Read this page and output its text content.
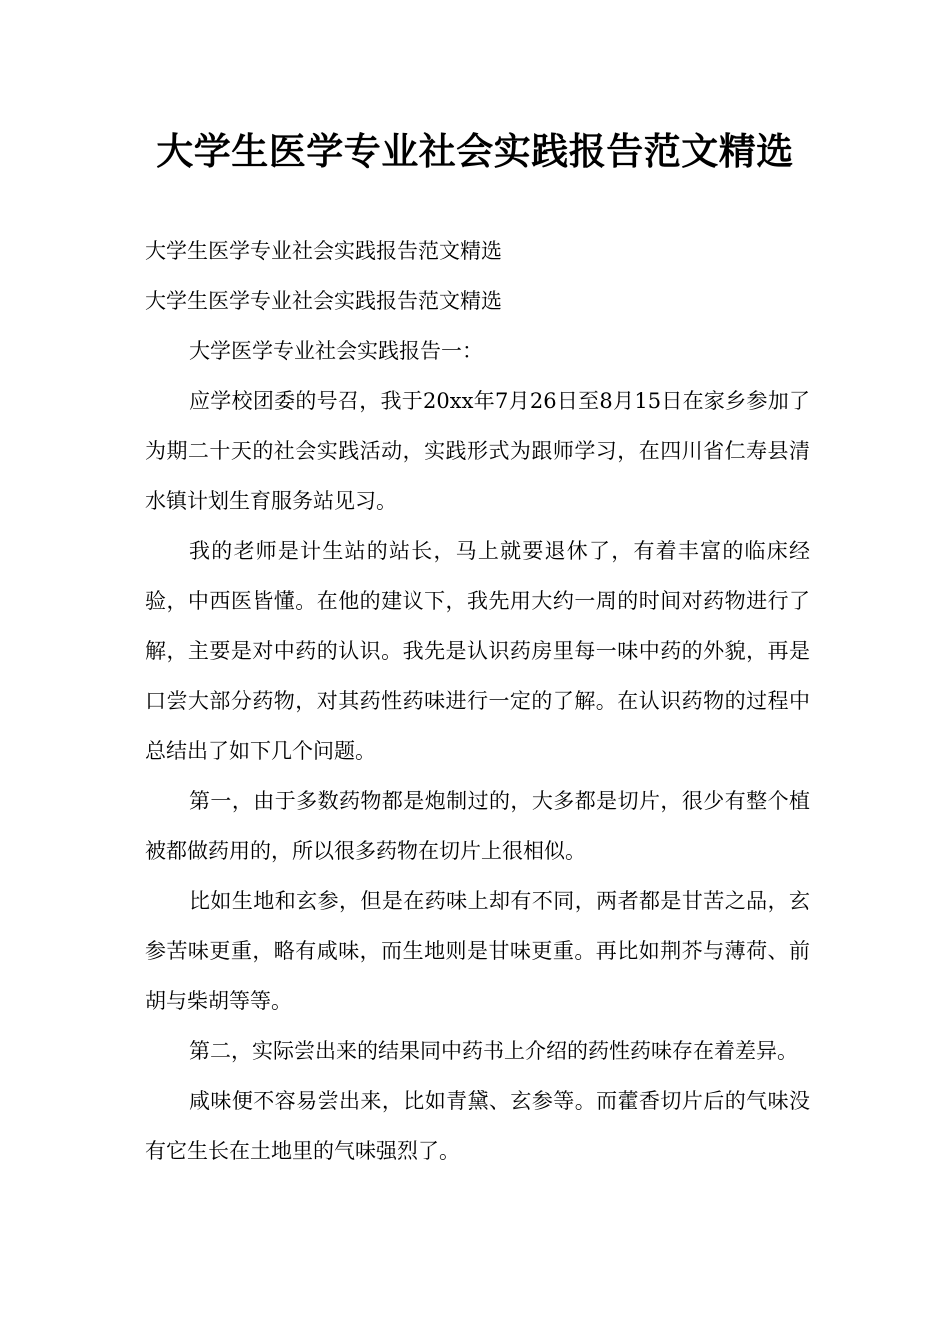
大学生医学专业社会实践报告范文精选

大学生医学专业社会实践报告范文精选

大学生医学专业社会实践报告范文精选

大学医学专业社会实践报告一：

应学校团委的号召，我于20xx年7月26日至8月15日在家乡参加了为期二十天的社会实践活动，实践形式为跟师学习，在四川省仁寿县清水镇计划生育服务站见习。

我的老师是计生站的站长，马上就要退休了，有着丰富的临床经验，中西医皆懂。在他的建议下，我先用大约一周的时间对药物进行了解，主要是对中药的认识。我先是认识药房里每一味中药的外貌，再是口尝大部分药物，对其药性药味进行一定的了解。在认识药物的过程中总结出了如下几个问题。

第一，由于多数药物都是炮制过的，大多都是切片，很少有整个植被都做药用的，所以很多药物在切片上很相似。

比如生地和玄参，但是在药味上却有不同，两者都是甘苦之品，玄参苦味更重，略有咸味，而生地则是甘味更重。再比如荆芥与薄荷、前胡与柴胡等等。

第二，实际尝出来的结果同中药书上介绍的药性药味存在着差异。

咸味便不容易尝出来，比如青黛、玄参等。而藿香切片后的气味没有它生长在土地里的气味强烈了。
